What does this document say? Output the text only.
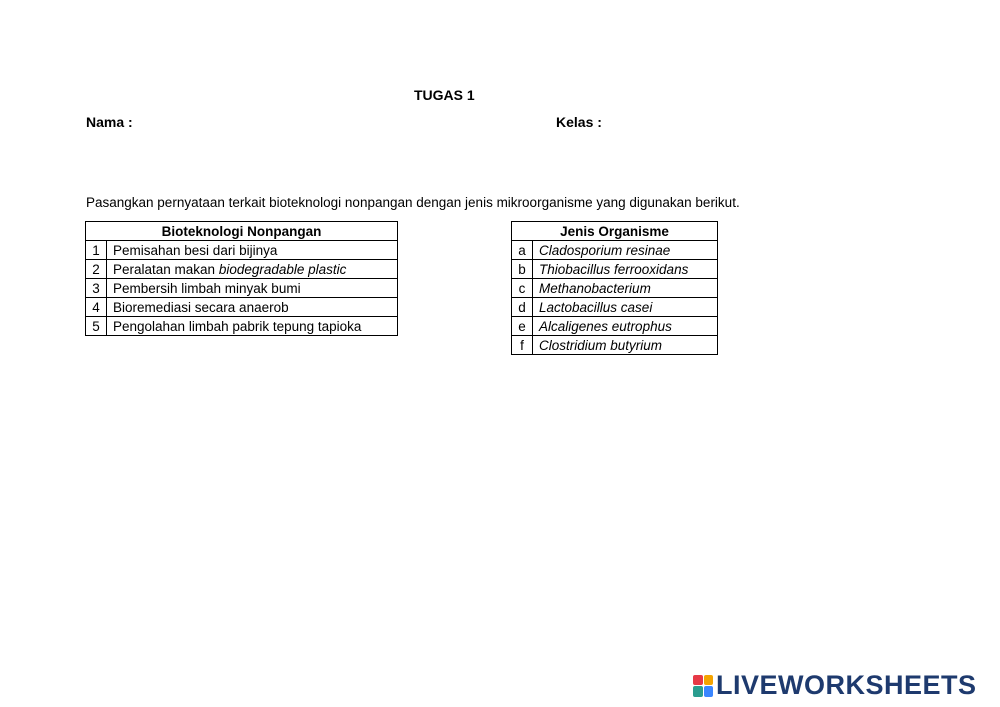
TUGAS 1
Nama :	Kelas :
Pasangkan pernyataan terkait bioteknologi nonpangan dengan jenis mikroorganisme yang digunakan berikut.
Bioteknologi Nonpangan	
1	Pemisahan besi dari bijinya
2	Peralatan makan biodegradable plastic
3	Pembersih limbah minyak bumi
4	Bioremediasi secara anaerob
5	Pengolahan limbah pabrik tepung tapioka
Jenis Organisme	
a	Cladosporium resinae
b	Thiobacillus ferrooxidans
c	Methanobacterium
d	Lactobacillus casei
e	Alcaligenes eutrophus
f	Clostridium butyrium
LIVEWORKSHEETS
